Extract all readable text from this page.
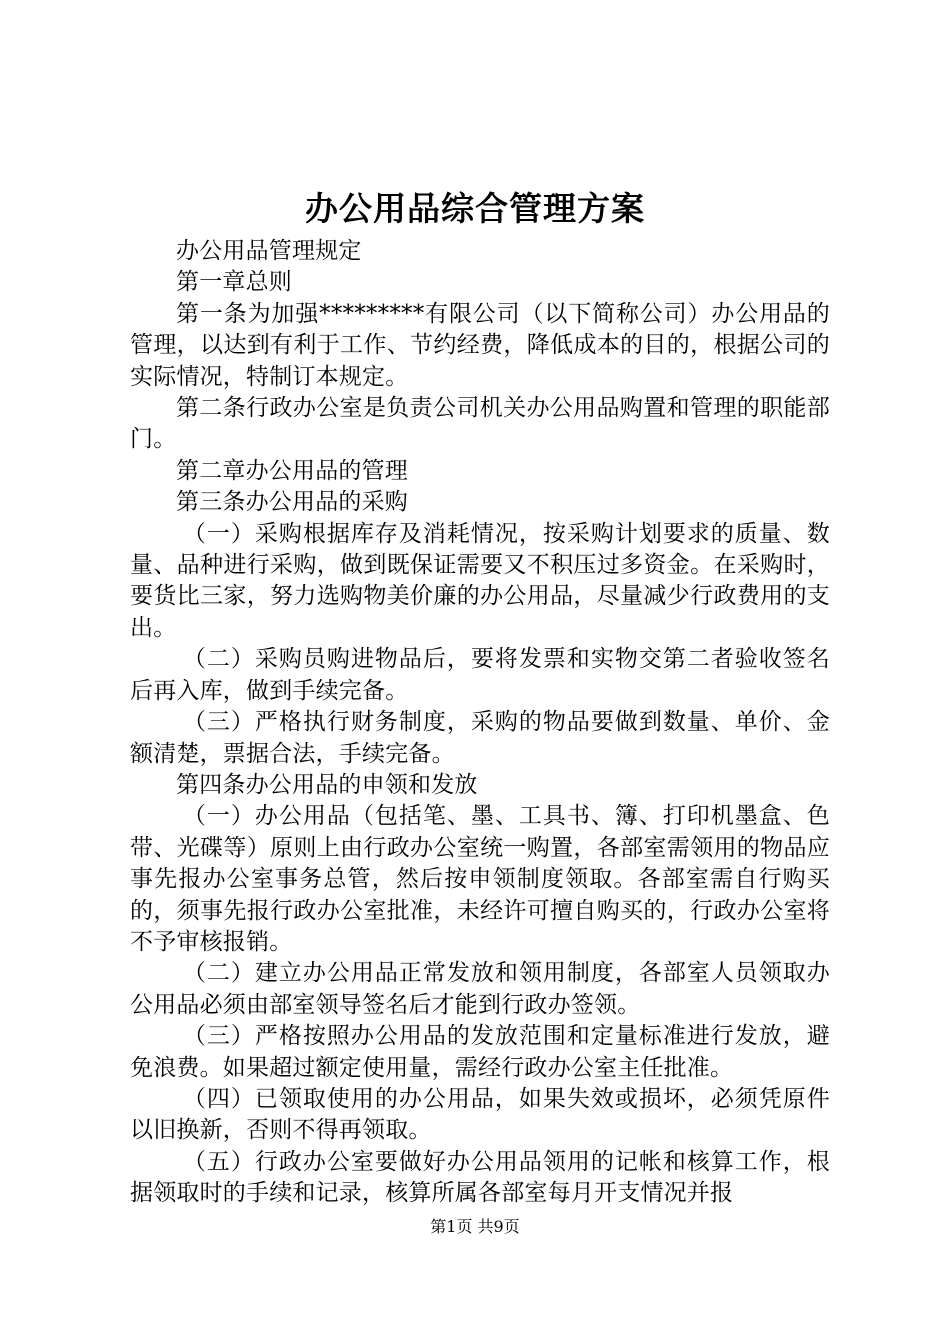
办公用品综合管理方案

办公用品管理规定

第一章总则

第一条为加强*********有限公司（以下简称公司）办公用品的管理，以达到有利于工作、节约经费，降低成本的目的，根据公司的实际情况，特制订本规定。

第二条行政办公室是负责公司机关办公用品购置和管理的职能部门。

第二章办公用品的管理

第三条办公用品的采购

（一）采购根据库存及消耗情况，按采购计划要求的质量、数量、品种进行采购，做到既保证需要又不积压过多资金。在采购时，要货比三家，努力选购物美价廉的办公用品，尽量减少行政费用的支出。

（二）采购员购进物品后，要将发票和实物交第二者验收签名后再入库，做到手续完备。

（三）严格执行财务制度，采购的物品要做到数量、单价、金额清楚，票据合法，手续完备。

第四条办公用品的申领和发放

（一）办公用品（包括笔、墨、工具书、簿、打印机墨盒、色带、光碟等）原则上由行政办公室统一购置，各部室需领用的物品应事先报办公室事务总管，然后按申领制度领取。各部室需自行购买的，须事先报行政办公室批准，未经许可擅自购买的，行政办公室将不予审核报销。

（二）建立办公用品正常发放和领用制度，各部室人员领取办公用品必须由部室领导签名后才能到行政办签领。

（三）严格按照办公用品的发放范围和定量标准进行发放，避免浪费。如果超过额定使用量，需经行政办公室主任批准。

（四）已领取使用的办公用品，如果失效或损坏，必须凭原件以旧换新，否则不得再领取。

（五）行政办公室要做好办公用品领用的记帐和核算工作，根据领取时的手续和记录，核算所属各部室每月开支情况并报

第1页 共9页
